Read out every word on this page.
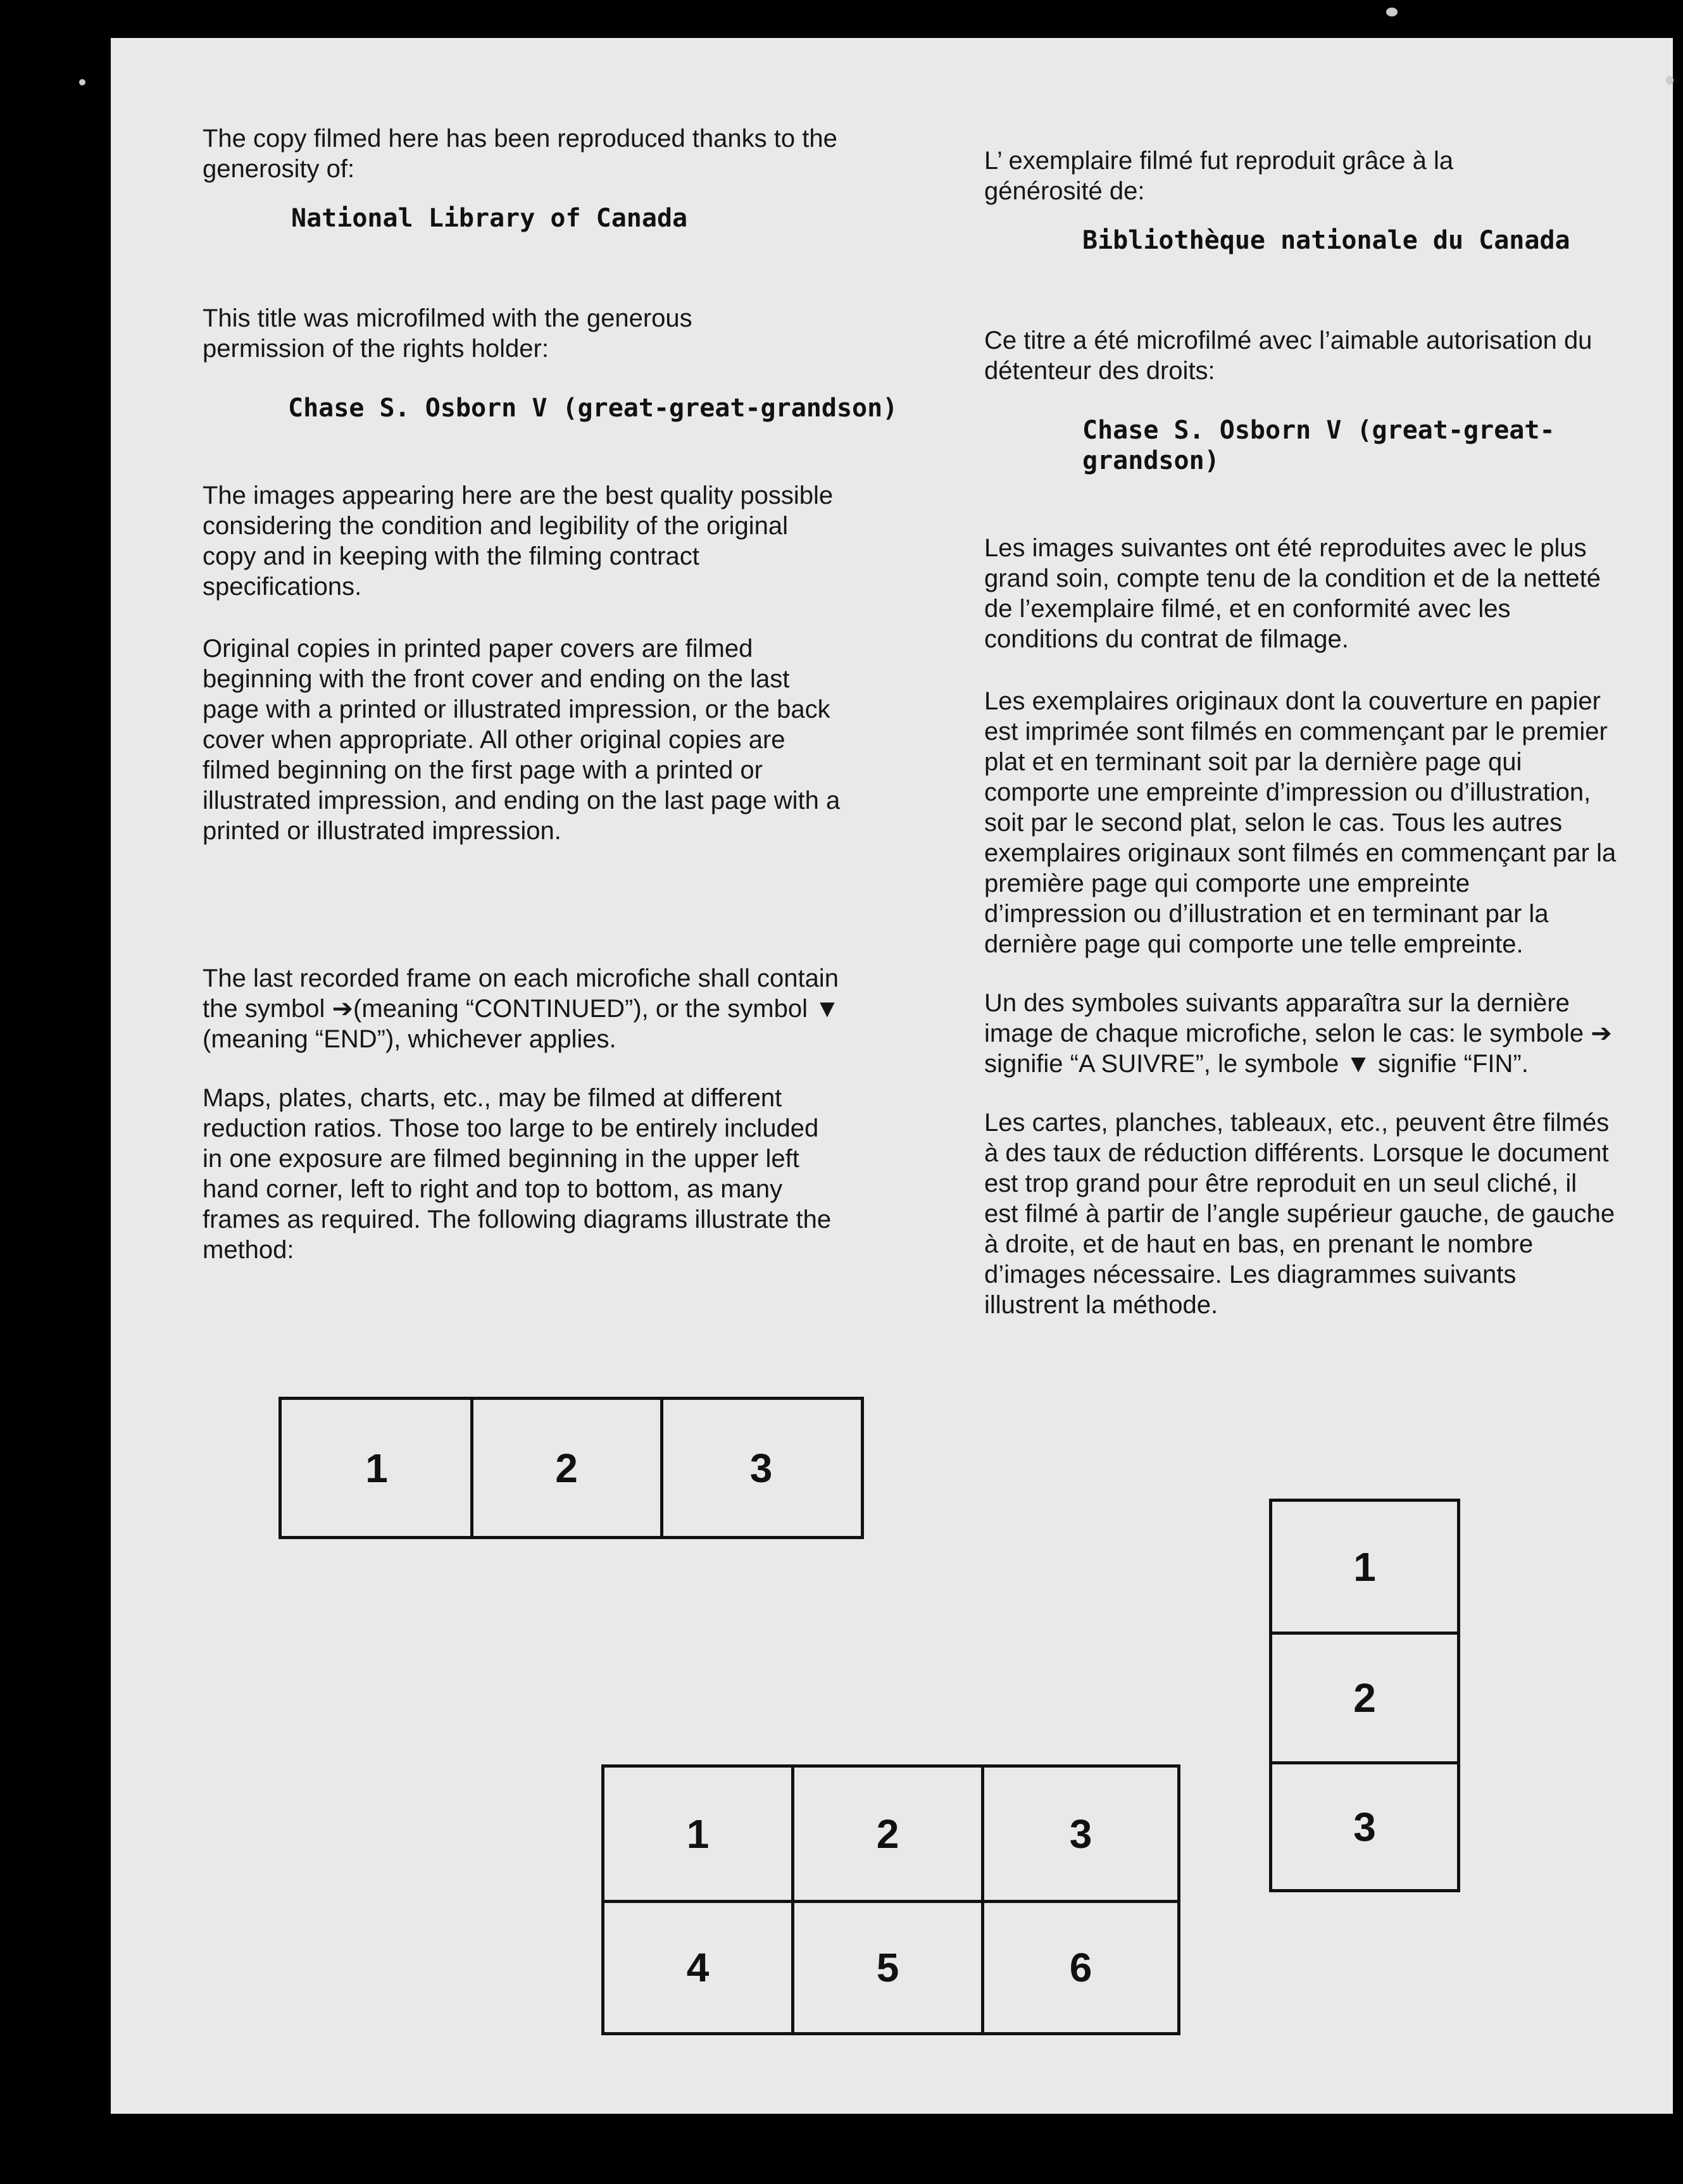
The copy filmed here has been reproduced thanks to the generosity of:

National Library of Canada

This title was microfilmed with the generous permission of the rights holder:

Chase S. Osborn V (great-great-grandson)

The images appearing here are the best quality possible considering the condition and legibility of the original copy and in keeping with the filming contract specifications.

Original copies in printed paper covers are filmed beginning with the front cover and ending on the last page with a printed or illustrated impression, or the back cover when appropriate. All other original copies are filmed beginning on the first page with a printed or illustrated impression, and ending on the last page with a printed or illustrated impression.

The last recorded frame on each microfiche shall contain the symbol ➔(meaning “CONTINUED”), or the symbol ▼ (meaning “END”), whichever applies.

Maps, plates, charts, etc., may be filmed at different reduction ratios. Those too large to be entirely included in one exposure are filmed beginning in the upper left hand corner, left to right and top to bottom, as many frames as required. The following diagrams illustrate the method:

L’ exemplaire filmé fut reproduit grâce à la générosité de:

Bibliothèque nationale du Canada

Ce titre a été microfilmé avec l’aimable autorisation du détenteur des droits:

Chase S. Osborn V (great-great-grandson)

Les images suivantes ont été reproduites avec le plus grand soin, compte tenu de la condition et de la netteté de l’exemplaire filmé, et en conformité avec les conditions du contrat de filmage.

Les exemplaires originaux dont la couverture en papier est imprimée sont filmés en commençant par le premier plat et en terminant soit par la dernière page qui comporte une empreinte d’impression ou d’illustration, soit par le second plat, selon le cas. Tous les autres exemplaires originaux sont filmés en commençant par la première page qui comporte une empreinte d’impression ou d’illustration et en terminant par la dernière page qui comporte une telle empreinte.

Un des symboles suivants apparaîtra sur la dernière image de chaque microfiche, selon le cas: le symbole ➔ signifie “A SUIVRE”, le symbole ▼ signifie “FIN”.

Les cartes, planches, tableaux, etc., peuvent être filmés à des taux de réduction différents. Lorsque le document est trop grand pour être reproduit en un seul cliché, il est filmé à partir de l’angle supérieur gauche, de gauche à droite, et de haut en bas, en prenant le nombre d’images nécessaire. Les diagrammes suivants illustrent la méthode.

1	2	3
1
2
3
1	2	3
4	5	6
